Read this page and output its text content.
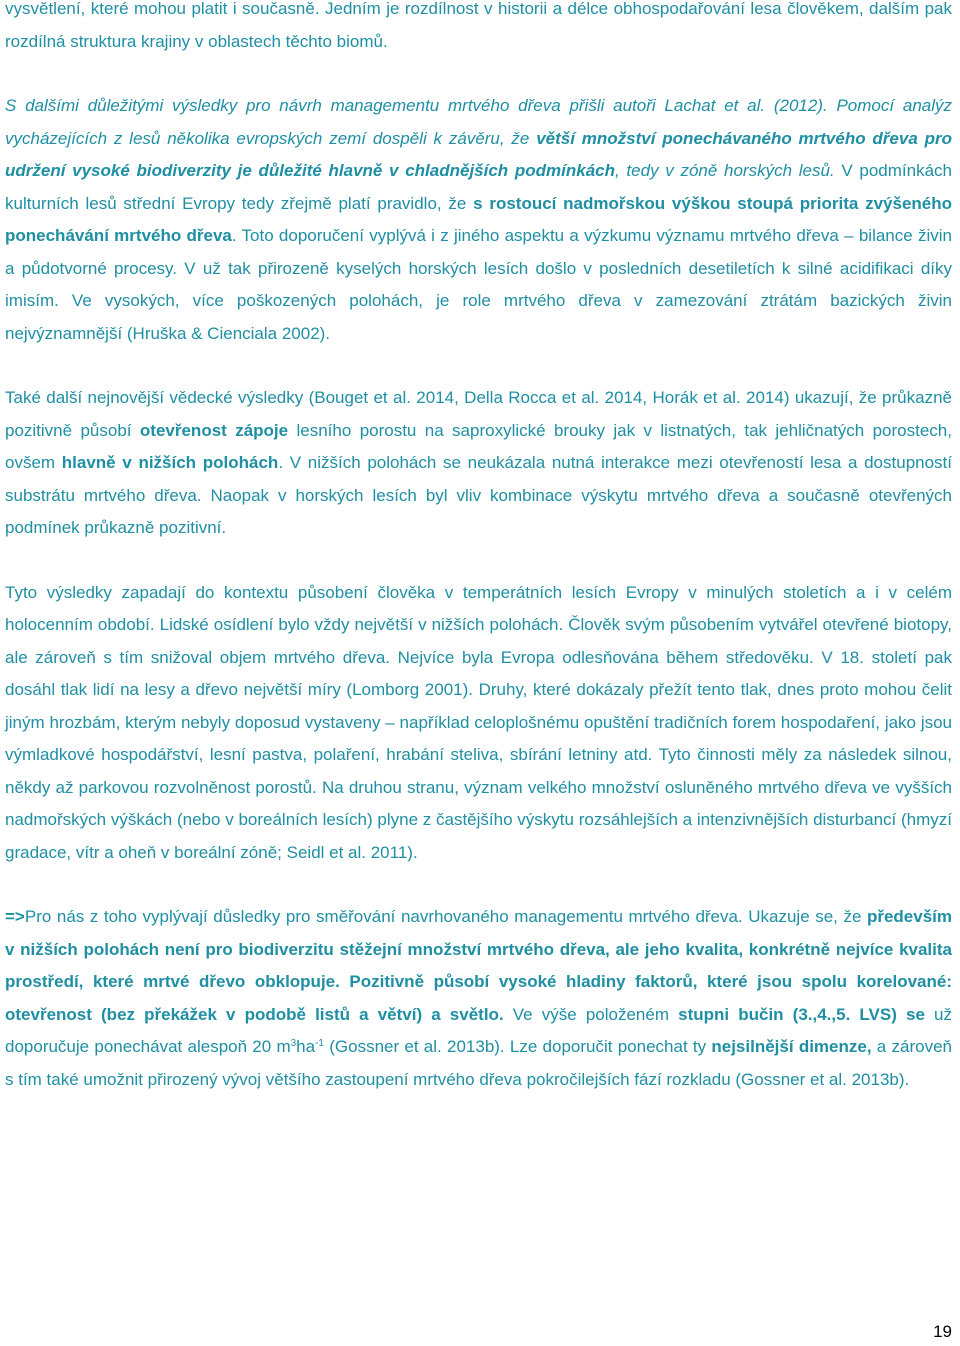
vysvětlení, které mohou platit i současně. Jedním je rozdílnost v historii a délce obhospodařování lesa člověkem, dalším pak rozdílná struktura krajiny v oblastech těchto biomů.

S dalšími důležitými výsledky pro návrh managementu mrtvého dřeva přišli autoři Lachat et al. (2012). Pomocí analýz vycházejících z lesů několika evropských zemí dospěli k závěru, že větší množství ponechávaného mrtvého dřeva pro udržení vysoké biodiverzity je důležité hlavně v chladnějších podmínkách, tedy v zóně horských lesů. V podmínkách kulturních lesů střední Evropy tedy zřejmě platí pravidlo, že s rostoucí nadmořskou výškou stoupá priorita zvýšeného ponechávání mrtvého dřeva. Toto doporučení vyplývá i z jiného aspektu a výzkumu významu mrtvého dřeva – bilance živin a půdotvorné procesy. V už tak přirozeně kyselých horských lesích došlo v posledních desetiletích k silné acidifikaci díky imisím. Ve vysokých, více poškozených polohách, je role mrtvého dřeva v zamezování ztrátám bazických živin nejvýznamnější (Hruška & Cienciala 2002).

Také další nejnovější vědecké výsledky (Bouget et al. 2014, Della Rocca et al. 2014, Horák et al. 2014) ukazují, že průkazně pozitivně působí otevřenost zápoje lesního porostu na saproxylické brouky jak v listnatých, tak jehličnatých porostech, ovšem hlavně v nižších polohách. V nižších polohách se neukázala nutná interakce mezi otevřeností lesa a dostupností substrátu mrtvého dřeva. Naopak v horských lesích byl vliv kombinace výskytu mrtvého dřeva a současně otevřených podmínek průkazně pozitivní.

Tyto výsledky zapadají do kontextu působení člověka v temperátních lesích Evropy v minulých stoletích a i v celém holocenním období. Lidské osídlení bylo vždy největší v nižších polohách. Člověk svým působením vytvářel otevřené biotopy, ale zároveň s tím snižoval objem mrtvého dřeva. Nejvíce byla Evropa odlesňována během středověku. V 18. století pak dosáhl tlak lidí na lesy a dřevo největší míry (Lomborg 2001). Druhy, které dokázaly přežít tento tlak, dnes proto mohou čelit jiným hrozbám, kterým nebyly doposud vystaveny – například celoplošnému opuštění tradičních forem hospodaření, jako jsou výmladkové hospodářství, lesní pastva, polaření, hrabání steliva, sbírání letniny atd. Tyto činnosti měly za následek silnou, někdy až parkovou rozvolněnost porostů. Na druhou stranu, význam velkého množství osluněného mrtvého dřeva ve vyšších nadmořských výškách (nebo v boreálních lesích) plyne z častějšího výskytu rozsáhlejších a intenzivnějších disturbancí (hmyzí gradace, vítr a oheň v boreální zóně; Seidl et al. 2011).

=>Pro nás z toho vyplývají důsledky pro směřování navrhovaného managementu mrtvého dřeva. Ukazuje se, že především v nižších polohách není pro biodiverzitu stěžejní množství mrtvého dřeva, ale jeho kvalita, konkrétně nejvíce kvalita prostředí, které mrtvé dřevo obklopuje. Pozitivně působí vysoké hladiny faktorů, které jsou spolu korelované: otevřenost (bez překážek v podobě listů a větví) a světlo. Ve výše položeném stupni bučin (3.,4.,5. LVS) se už doporučuje ponechávat alespoň 20 $m^3ha^{-1}$ (Gossner et al. 2013b). Lze doporučit ponechat ty nejsilnější dimenze, a zároveň s tím také umožnit přirozený vývoj většího zastoupení mrtvého dřeva pokročilejších fází rozkladu (Gossner et al. 2013b).

19
